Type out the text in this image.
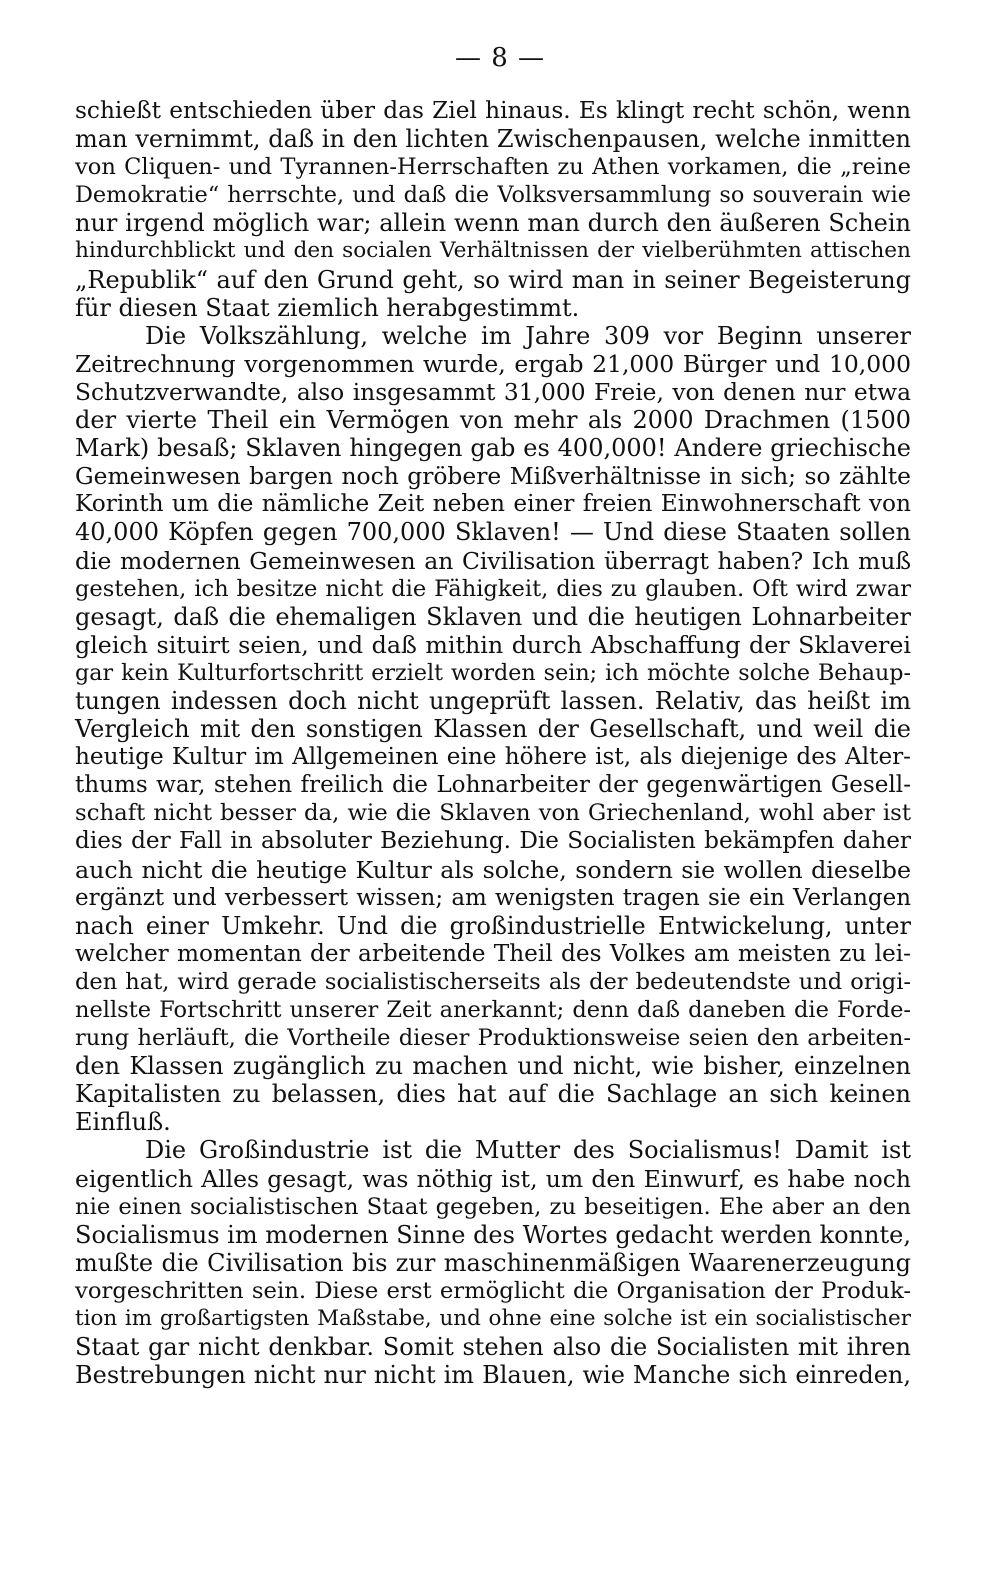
— 8 —
schießt entschieden über das Ziel hinaus. Es klingt recht schön, wenn
man vernimmt, daß in den lichten Zwischenpausen, welche inmitten
von Cliquen- und Tyrannen-Herrschaften zu Athen vorkamen, die „reine
Demokratie“ herrschte, und daß die Volksversammlung so souverain wie
nur irgend möglich war; allein wenn man durch den äußeren Schein
hindurchblickt und den socialen Verhältnissen der vielberühmten attischen
„Republik“ auf den Grund geht, so wird man in seiner Begeisterung
für diesen Staat ziemlich herabgestimmt.
Die Volkszählung, welche im Jahre 309 vor Beginn unserer
Zeitrechnung vorgenommen wurde, ergab 21,000 Bürger und 10,000
Schutzverwandte, also insgesammt 31,000 Freie, von denen nur etwa
der vierte Theil ein Vermögen von mehr als 2000 Drachmen (1500
Mark) besaß; Sklaven hingegen gab es 400,000! Andere griechische
Gemeinwesen bargen noch gröbere Mißverhältnisse in sich; so zählte
Korinth um die nämliche Zeit neben einer freien Einwohnerschaft von
40,000 Köpfen gegen 700,000 Sklaven! — Und diese Staaten sollen
die modernen Gemeinwesen an Civilisation überragt haben? Ich muß
gestehen, ich besitze nicht die Fähigkeit, dies zu glauben. Oft wird zwar
gesagt, daß die ehemaligen Sklaven und die heutigen Lohnarbeiter
gleich situirt seien, und daß mithin durch Abschaffung der Sklaverei
gar kein Kulturfortschritt erzielt worden sein; ich möchte solche Behaup-
tungen indessen doch nicht ungeprüft lassen. Relativ, das heißt im
Vergleich mit den sonstigen Klassen der Gesellschaft, und weil die
heutige Kultur im Allgemeinen eine höhere ist, als diejenige des Alter-
thums war, stehen freilich die Lohnarbeiter der gegenwärtigen Gesell-
schaft nicht besser da, wie die Sklaven von Griechenland, wohl aber ist
dies der Fall in absoluter Beziehung. Die Socialisten bekämpfen daher
auch nicht die heutige Kultur als solche, sondern sie wollen dieselbe
ergänzt und verbessert wissen; am wenigsten tragen sie ein Verlangen
nach einer Umkehr. Und die großindustrielle Entwickelung, unter
welcher momentan der arbeitende Theil des Volkes am meisten zu lei-
den hat, wird gerade socialistischerseits als der bedeutendste und origi-
nellste Fortschritt unserer Zeit anerkannt; denn daß daneben die Forde-
rung herläuft, die Vortheile dieser Produktionsweise seien den arbeiten-
den Klassen zugänglich zu machen und nicht, wie bisher, einzelnen
Kapitalisten zu belassen, dies hat auf die Sachlage an sich keinen
Einfluß.
Die Großindustrie ist die Mutter des Socialismus! Damit ist
eigentlich Alles gesagt, was nöthig ist, um den Einwurf, es habe noch
nie einen socialistischen Staat gegeben, zu beseitigen. Ehe aber an den
Socialismus im modernen Sinne des Wortes gedacht werden konnte,
mußte die Civilisation bis zur maschinenmäßigen Waarenerzeugung
vorgeschritten sein. Diese erst ermöglicht die Organisation der Produk-
tion im großartigsten Maßstabe, und ohne eine solche ist ein socialistischer
Staat gar nicht denkbar. Somit stehen also die Socialisten mit ihren
Bestrebungen nicht nur nicht im Blauen, wie Manche sich einreden,
